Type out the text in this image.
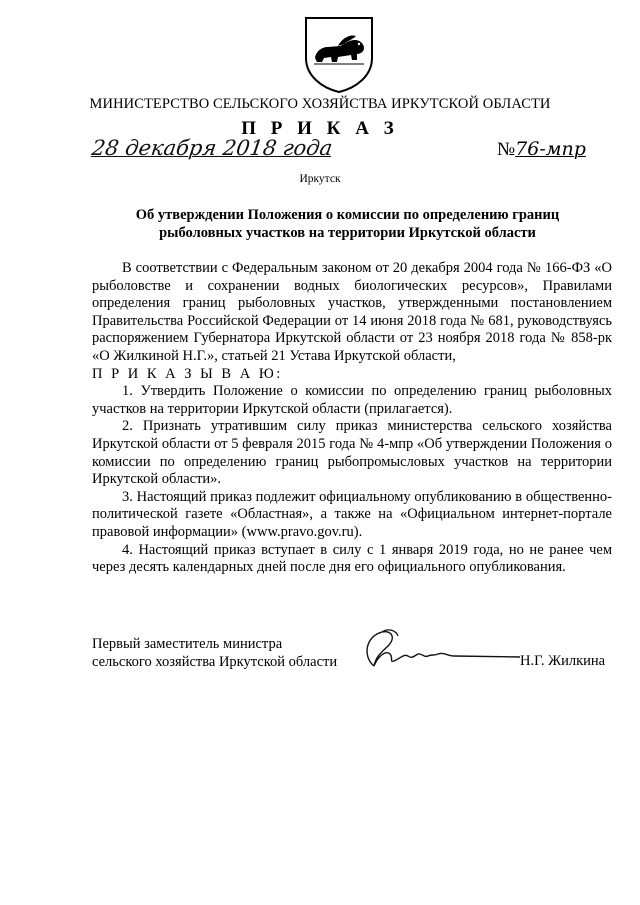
МИНИСТЕРСТВО СЕЛЬСКОГО ХОЗЯЙСТВА ИРКУТСКОЙ ОБЛАСТИ
П Р И К А З
28 декабря 2018 года	№76-мпр
Иркутск
Об утверждении Положения о комиссии по определению границ
рыболовных участков на территории Иркутской области

В соответствии с Федеральным законом от 20 декабря 2004 года № 166-ФЗ «О рыболовстве и сохранении водных биологических ресурсов», Правилами определения границ рыболовных участков, утвержденными постановлением Правительства Российской Федерации от 14 июня 2018 года № 681, руководствуясь распоряжением Губернатора Иркутской области от 23 ноября 2018 года № 858-рк «О Жилкиной Н.Г.», статьей 21 Устава Иркутской области,

П Р И К А З Ы В А Ю:

1. Утвердить Положение о комиссии по определению границ рыболовных участков на территории Иркутской области (прилагается).

2. Признать утратившим силу приказ министерства сельского хозяйства Иркутской области от 5 февраля 2015 года № 4-мпр «Об утверждении Положения о комиссии по определению границ рыбопромысловых участков на территории Иркутской области».

3. Настоящий приказ подлежит официальному опубликованию в общественно-политической газете «Областная», а также на «Официальном интернет-портале правовой информации» (www.pravo.gov.ru).

4. Настоящий приказ вступает в силу с 1 января 2019 года, но не ранее чем через десять календарных дней после дня его официального опубликования.

Первый заместитель министра
сельского хозяйства Иркутской области	Н.Г. Жилкина
